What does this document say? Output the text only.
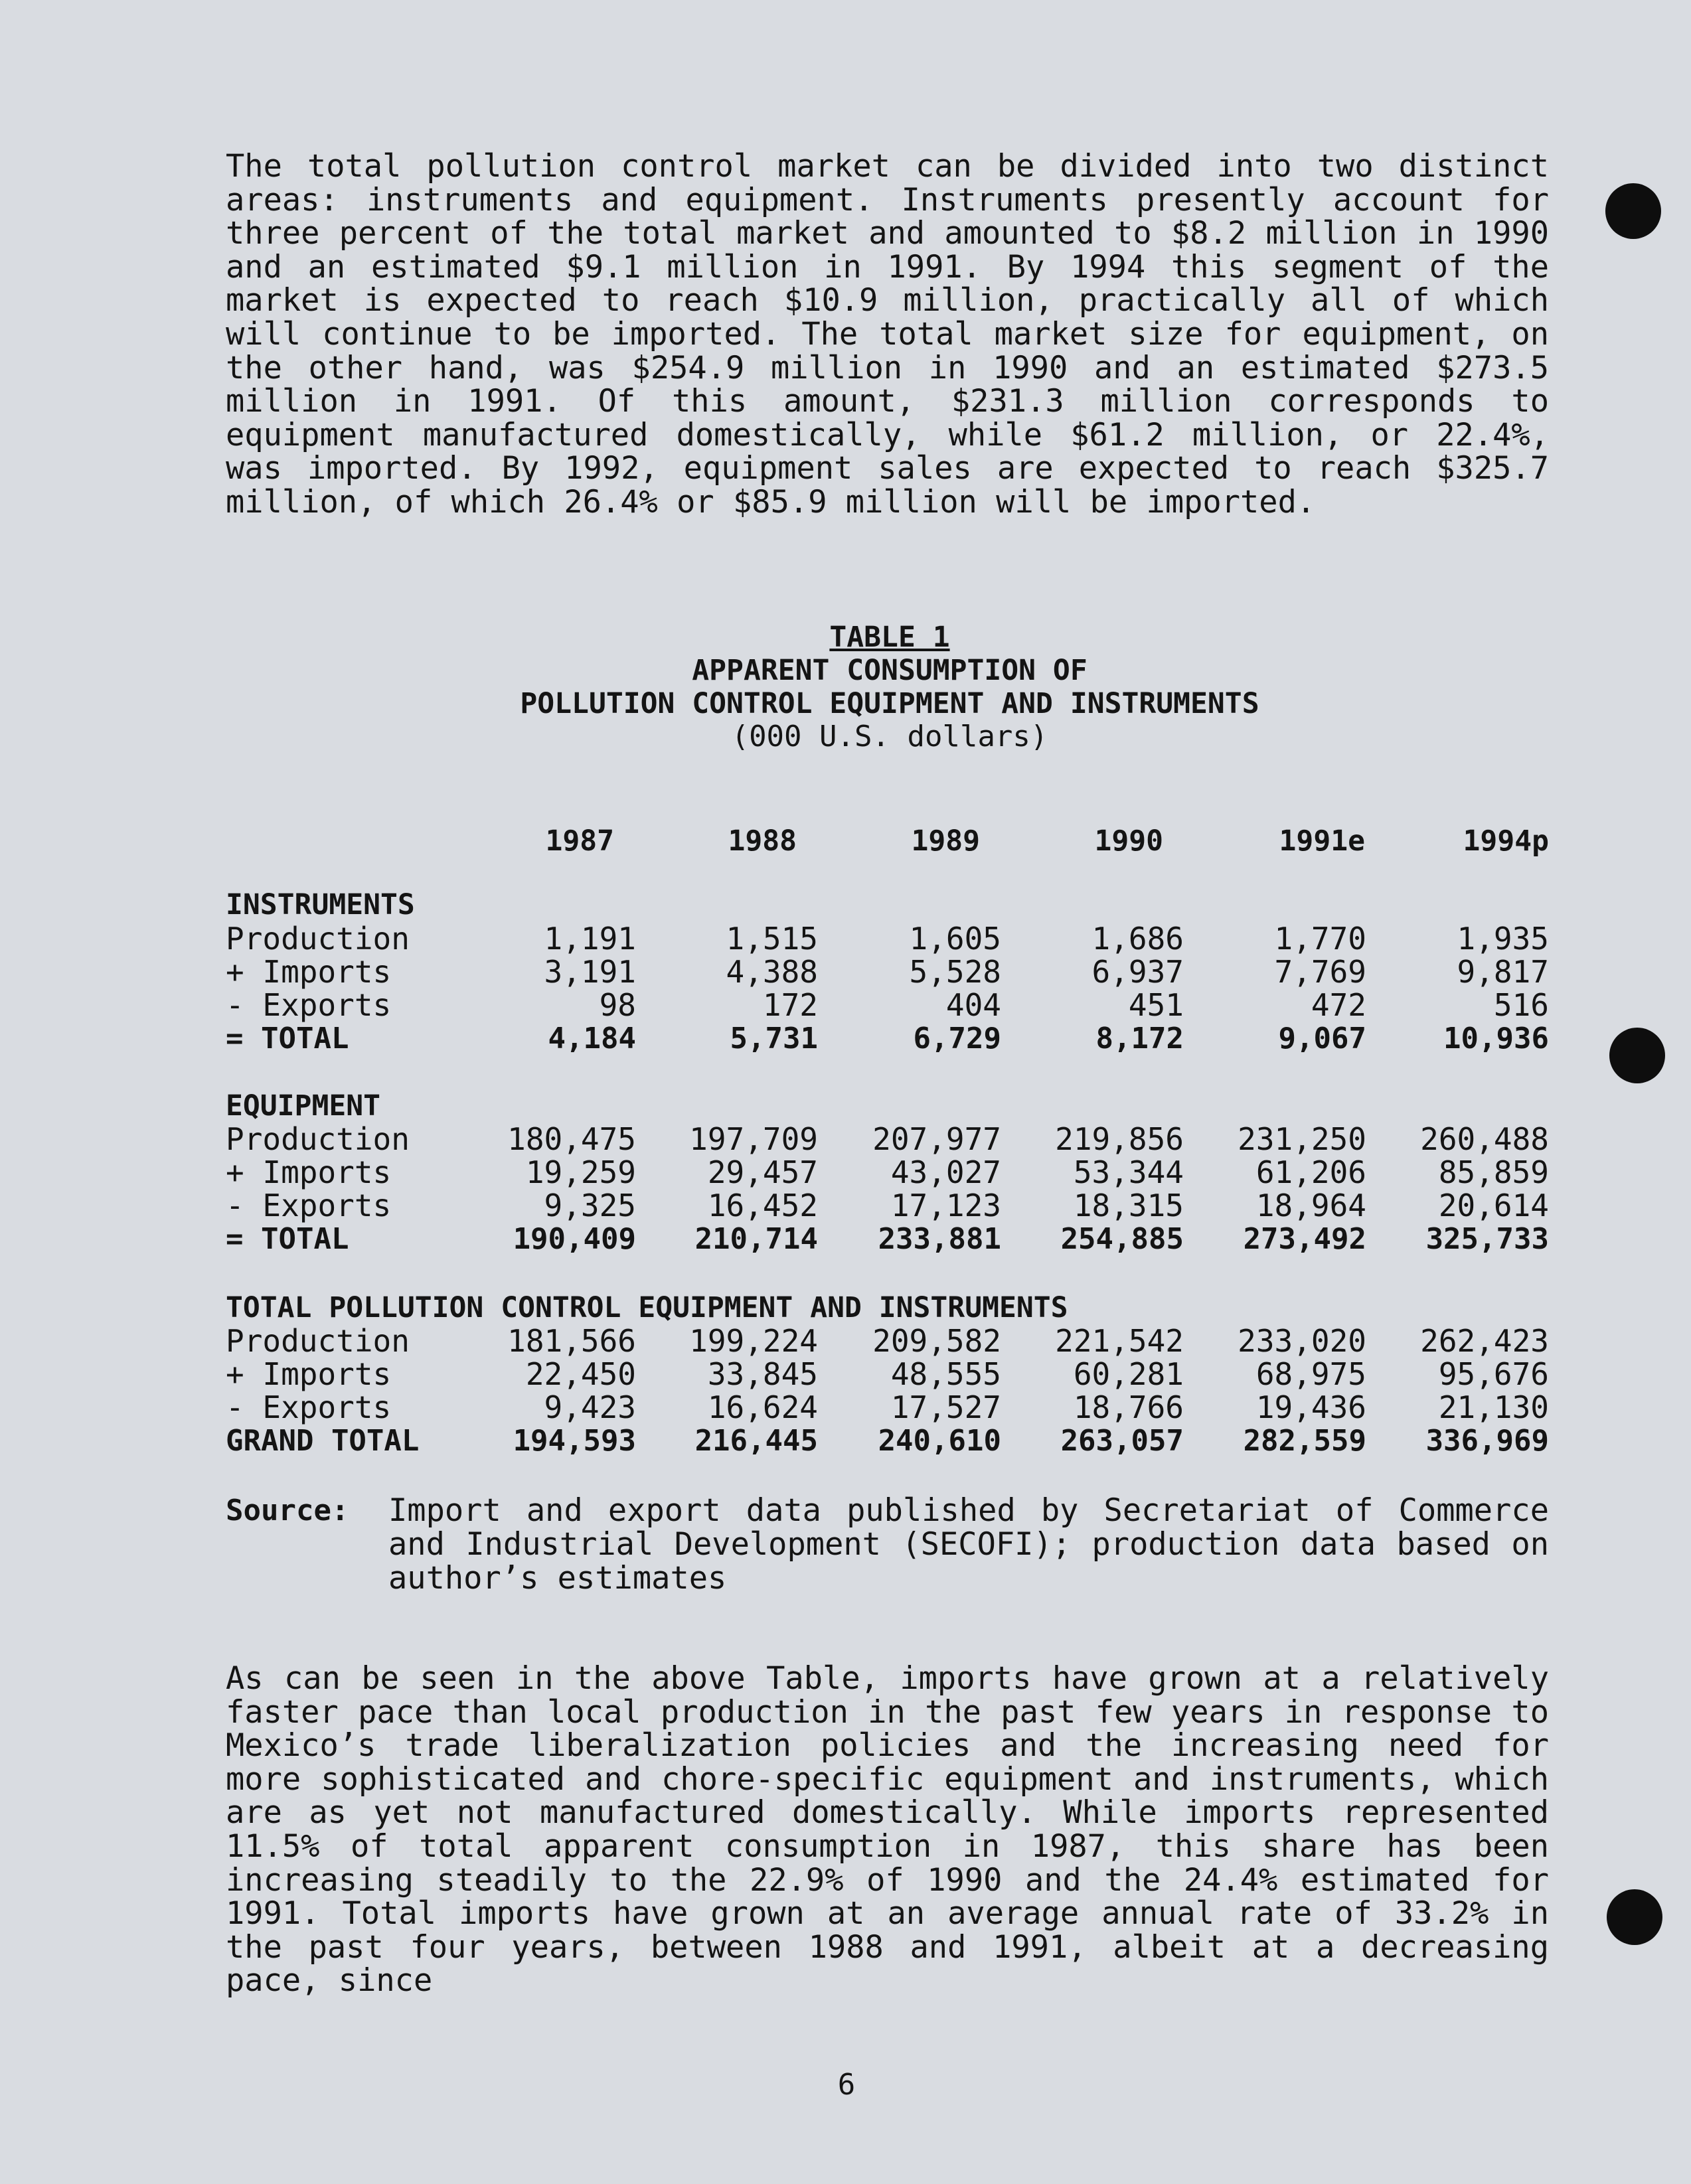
The total pollution control market can be divided into two distinct areas: instruments and equipment. Instruments presently account for three percent of the total market and amounted to $8.2 million in 1990 and an estimated $9.1 million in 1991. By 1994 this segment of the market is expected to reach $10.9 million, practically all of which will continue to be imported. The total market size for equipment, on the other hand, was $254.9 million in 1990 and an estimated $273.5 million in 1991. Of this amount, $231.3 million corresponds to equipment manufactured domestically, while $61.2 million, or 22.4%, was imported. By 1992, equipment sales are expected to reach $325.7 million, of which 26.4% or $85.9 million will be imported.

TABLE 1
APPARENT CONSUMPTION OF
POLLUTION CONTROL EQUIPMENT AND INSTRUMENTS
(000 U.S. dollars)
1987	1988	1989	1990	1991e	1994p
INSTRUMENTS
Production	1,191	1,515	1,605	1,686	1,770	1,935
+ Imports	3,191	4,388	5,528	6,937	7,769	9,817
- Exports	98	172	404	451	472	516
= TOTAL	4,184	5,731	6,729	8,172	9,067	10,936
EQUIPMENT
Production	180,475	197,709	207,977	219,856	231,250	260,488
+ Imports	19,259	29,457	43,027	53,344	61,206	85,859
- Exports	9,325	16,452	17,123	18,315	18,964	20,614
= TOTAL	190,409	210,714	233,881	254,885	273,492	325,733
TOTAL POLLUTION CONTROL EQUIPMENT AND INSTRUMENTS
Production	181,566	199,224	209,582	221,542	233,020	262,423
+ Imports	22,450	33,845	48,555	60,281	68,975	95,676
- Exports	9,423	16,624	17,527	18,766	19,436	21,130
GRAND TOTAL	194,593	216,445	240,610	263,057	282,559	336,969
Source: Import and export data published by Secretariat of Commerce and Industrial Development (SECOFI); production data based on author’s estimates

As can be seen in the above Table, imports have grown at a relatively faster pace than local production in the past few years in response to Mexico’s trade liberalization policies and the increasing need for more sophisticated and chore-specific equipment and instruments, which are as yet not manufactured domestically. While imports represented 11.5% of total apparent consumption in 1987, this share has been increasing steadily to the 22.9% of 1990 and the 24.4% estimated for 1991. Total imports have grown at an average annual rate of 33.2% in the past four years, between 1988 and 1991, albeit at a decreasing pace, since

6
